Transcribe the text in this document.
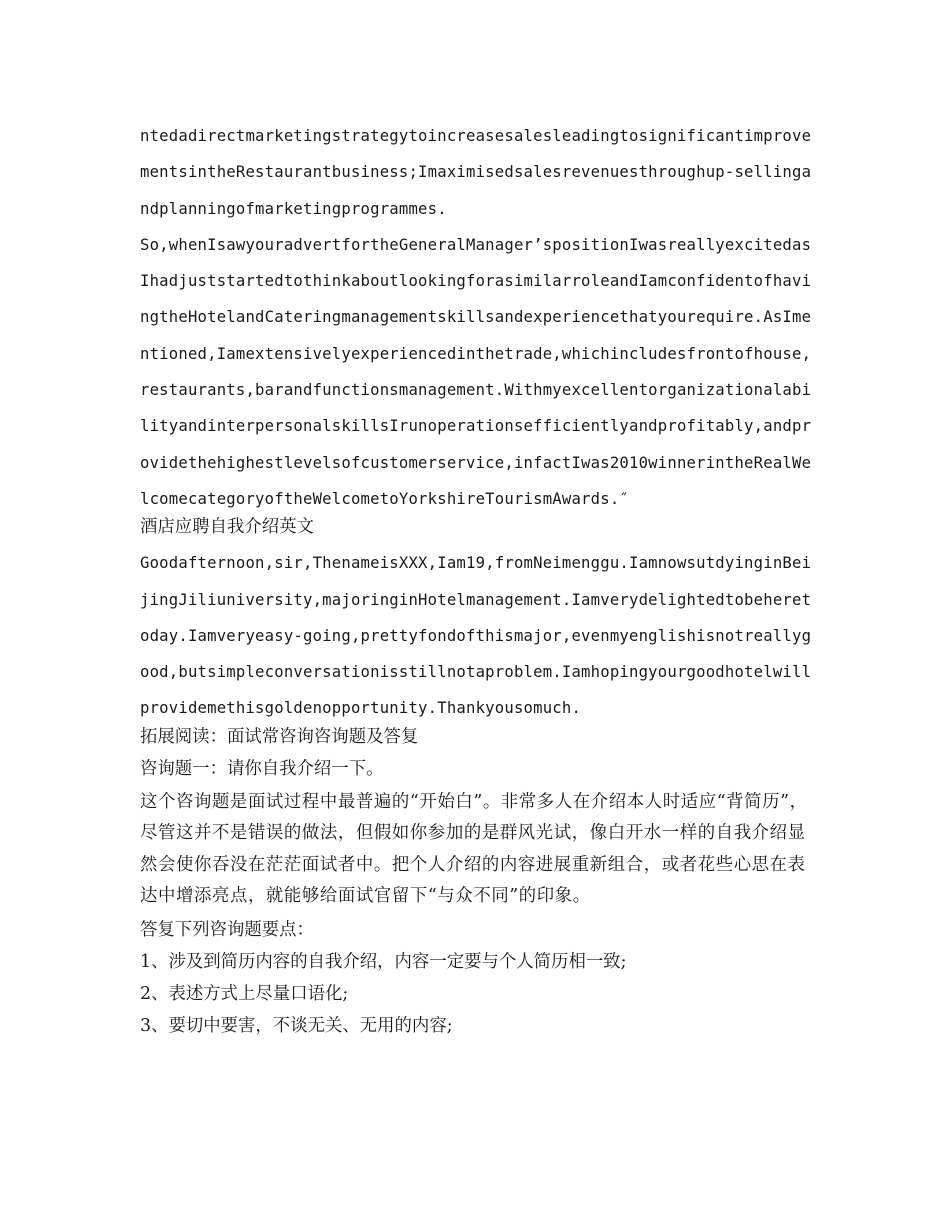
ntedadirectmarketingstrategytoincreasesalesleadingtosignificantimprovementsintheRestaurantbusiness;Imaximisedsalesrevenuesthroughup-sellingandplanningofmarketingprogrammes.

So,whenIsawyouradvertfortheGeneralManager’spositionIwasreallyexcitedasIhadjuststartedtothinkaboutlookingforasimilarroleandIamconfidentofhavingtheHotelandCateringmanagementskillsandexperiencethatyourequire.AsImentioned,Iamextensivelyexperiencedinthetrade,whichincludesfrontofhouse,restaurants,barandfunctionsmanagement.WithmyexcellentorganizationalabilityandinterpersonalskillsIrunoperationsefficientlyandprofitably,andprovidethehighestlevelsofcustomerservice,infactIwas2010winnerintheRealWelcomecategoryoftheWelcometoYorkshireTourismAwards.″

酒店应聘自我介绍英文

Goodafternoon,sir,ThenameisXXX,Iam19,fromNeimenggu.IamnowsutdyinginBeijingJiliuniversity,majoringinHotelmanagement.Iamverydelightedtobeheretoday.Iamveryeasy-going,prettyfondofthismajor,evenmyenglishisnotreallygood,butsimpleconversationisstillnotaproblem.Iamhopingyourgoodhotelwillprovidemethisgoldenopportunity.Thankyousomuch.

拓展阅读：面试常咨询咨询题及答复

咨询题一：请你自我介绍一下。

这个咨询题是面试过程中最普遍的“开始白”。非常多人在介绍本人时适应“背简历”，尽管这并不是错误的做法，但假如你参加的是群风光试，像白开水一样的自我介绍显然会使你吞没在茫茫面试者中。把个人介绍的内容进展重新组合，或者花些心思在表达中增添亮点，就能够给面试官留下“与众不同”的印象。

答复下列咨询题要点：

1、涉及到简历内容的自我介绍，内容一定要与个人简历相一致;

2、表述方式上尽量口语化;

3、要切中要害，不谈无关、无用的内容;
